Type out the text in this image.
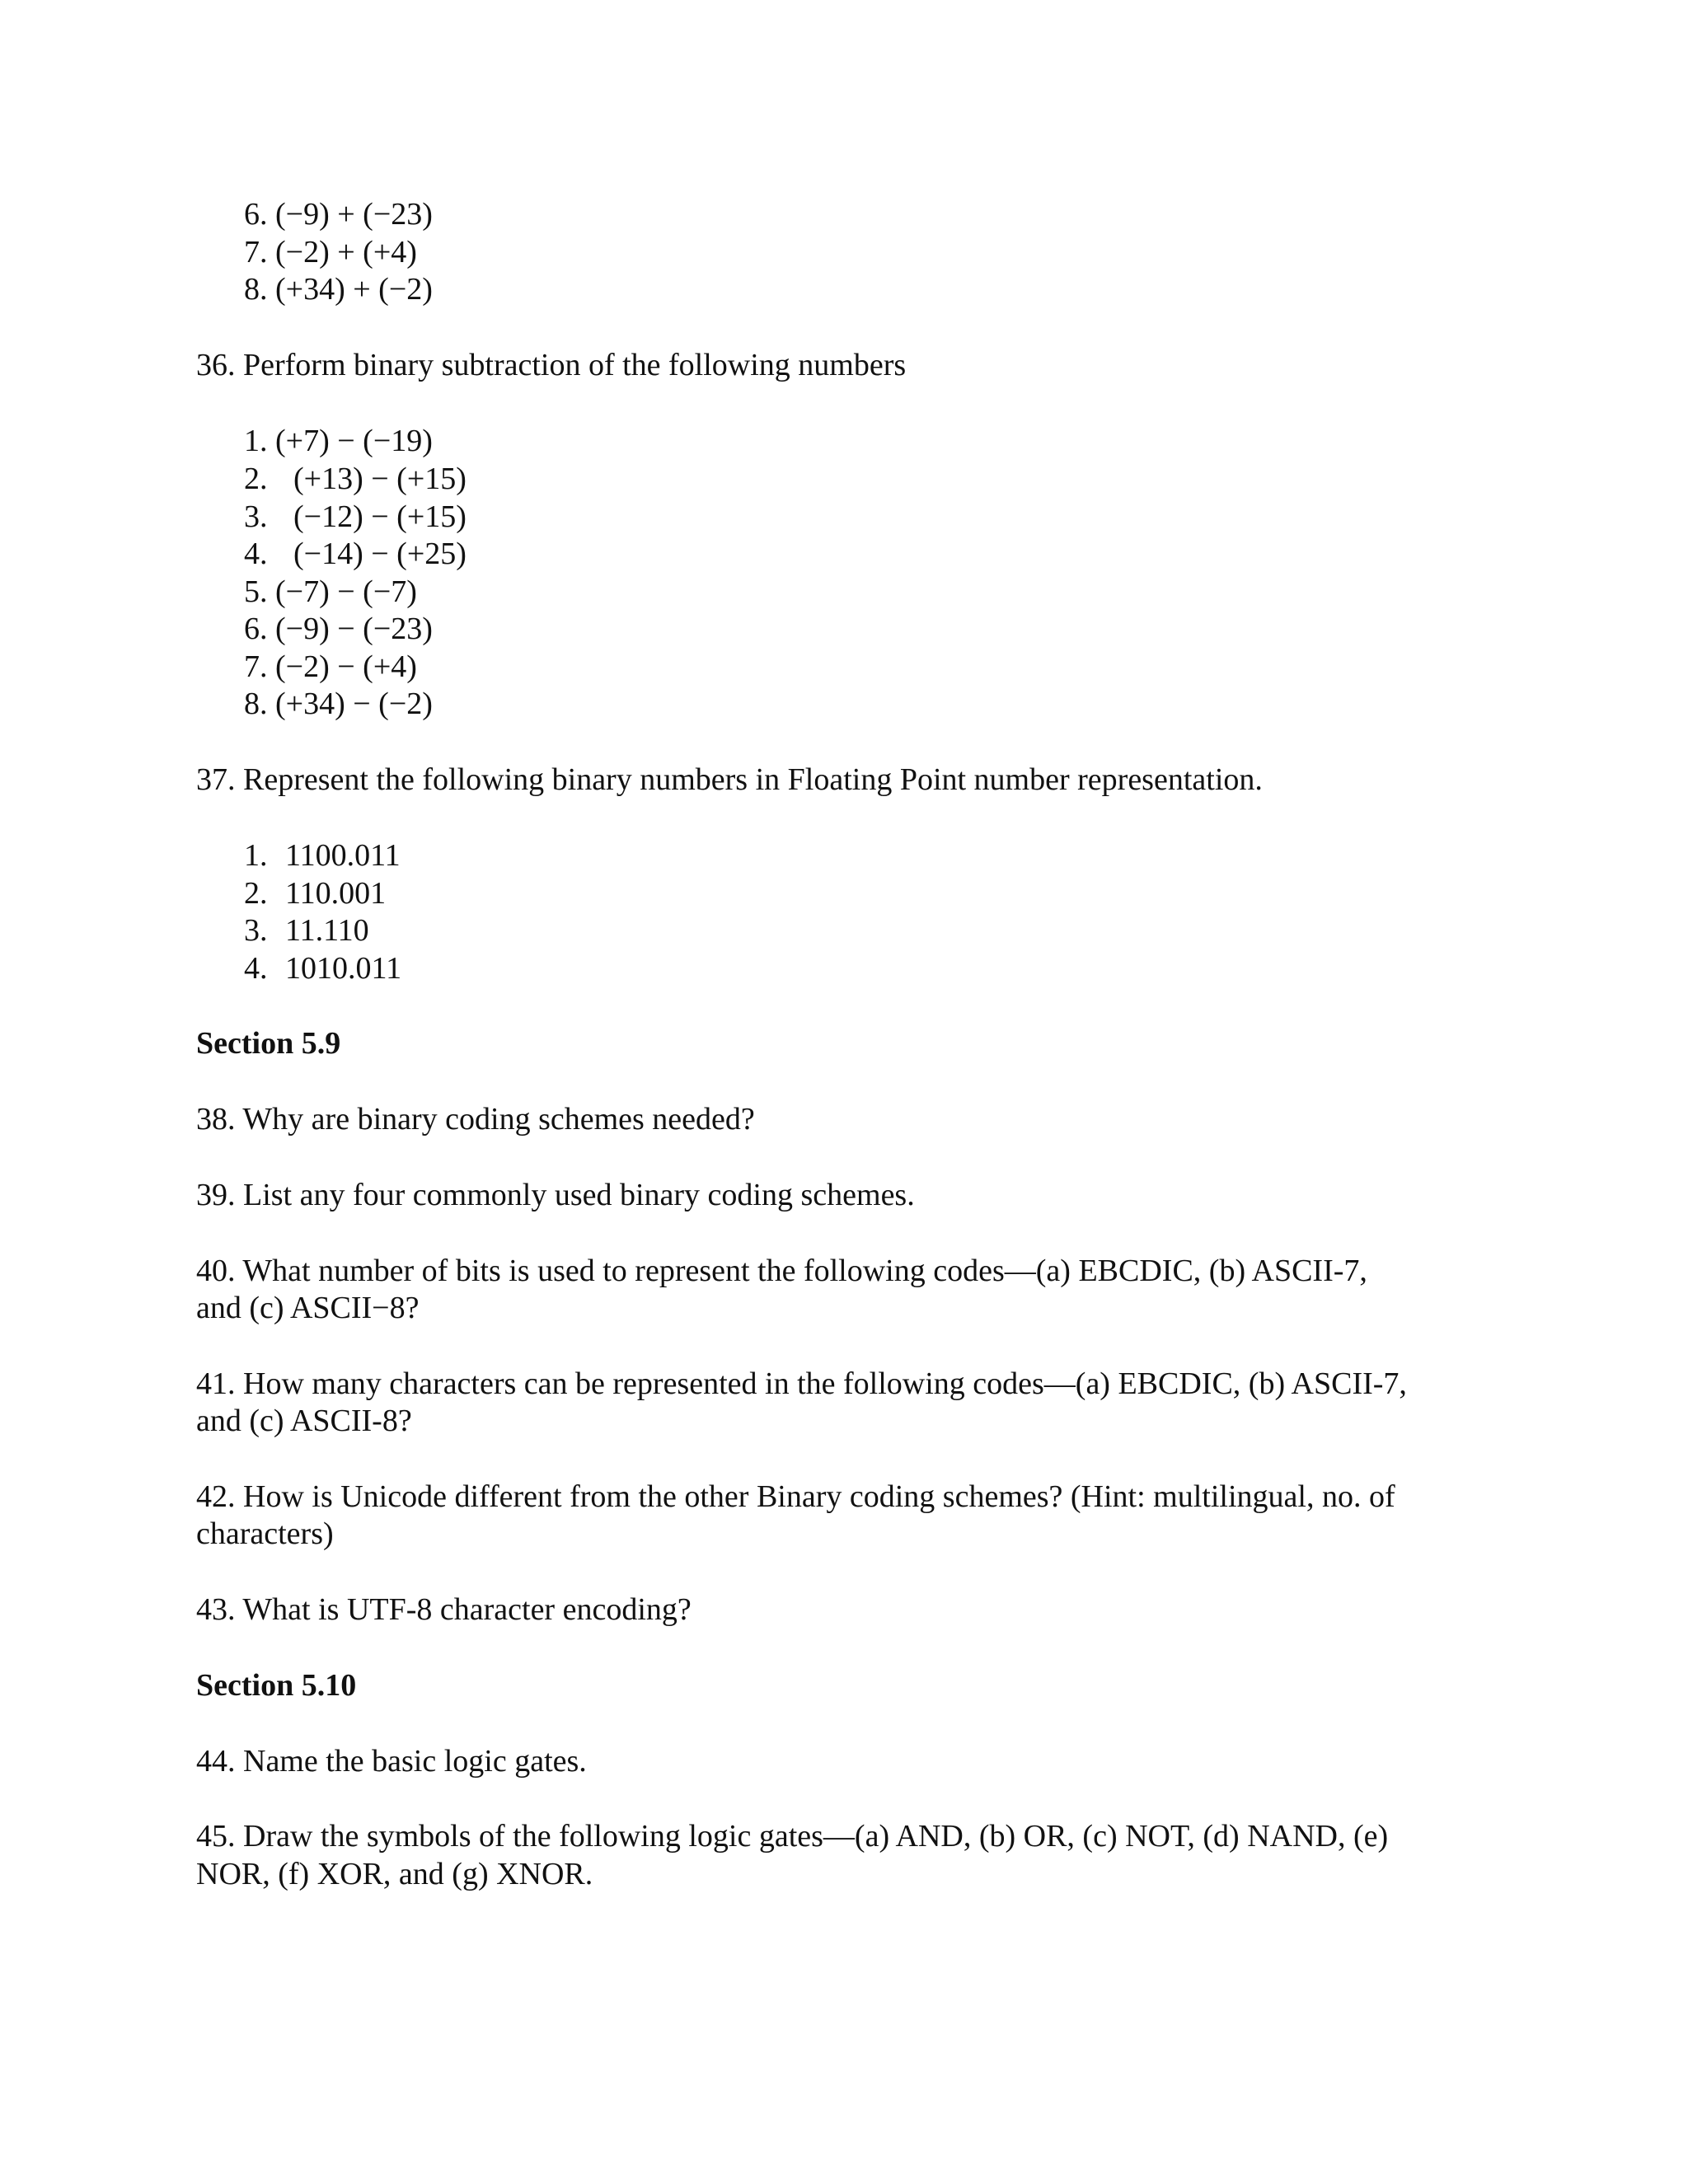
6. (−9) + (−23)
7. (−2) + (+4)
8. (+34) + (−2)
36. Perform binary subtraction of the following numbers
1. (+7) − (−19)
2. (+13) − (+15)
3. (−12) − (+15)
4. (−14) − (+25)
5. (−7) − (−7)
6. (−9) − (−23)
7. (−2) − (+4)
8. (+34) − (−2)
37. Represent the following binary numbers in Floating Point number representation.
1. 1100.011
2. 110.001
3. 11.110
4. 1010.011
Section 5.9
38. Why are binary coding schemes needed?
39. List any four commonly used binary coding schemes.
40. What number of bits is used to represent the following codes—(a) EBCDIC, (b) ASCII-7,
and (c) ASCII−8?
41. How many characters can be represented in the following codes—(a) EBCDIC, (b) ASCII-7,
and (c) ASCII-8?
42. How is Unicode different from the other Binary coding schemes? (Hint: multilingual, no. of
characters)
43. What is UTF-8 character encoding?
Section 5.10
44. Name the basic logic gates.
45. Draw the symbols of the following logic gates—(a) AND, (b) OR, (c) NOT, (d) NAND, (e)
NOR, (f) XOR, and (g) XNOR.
